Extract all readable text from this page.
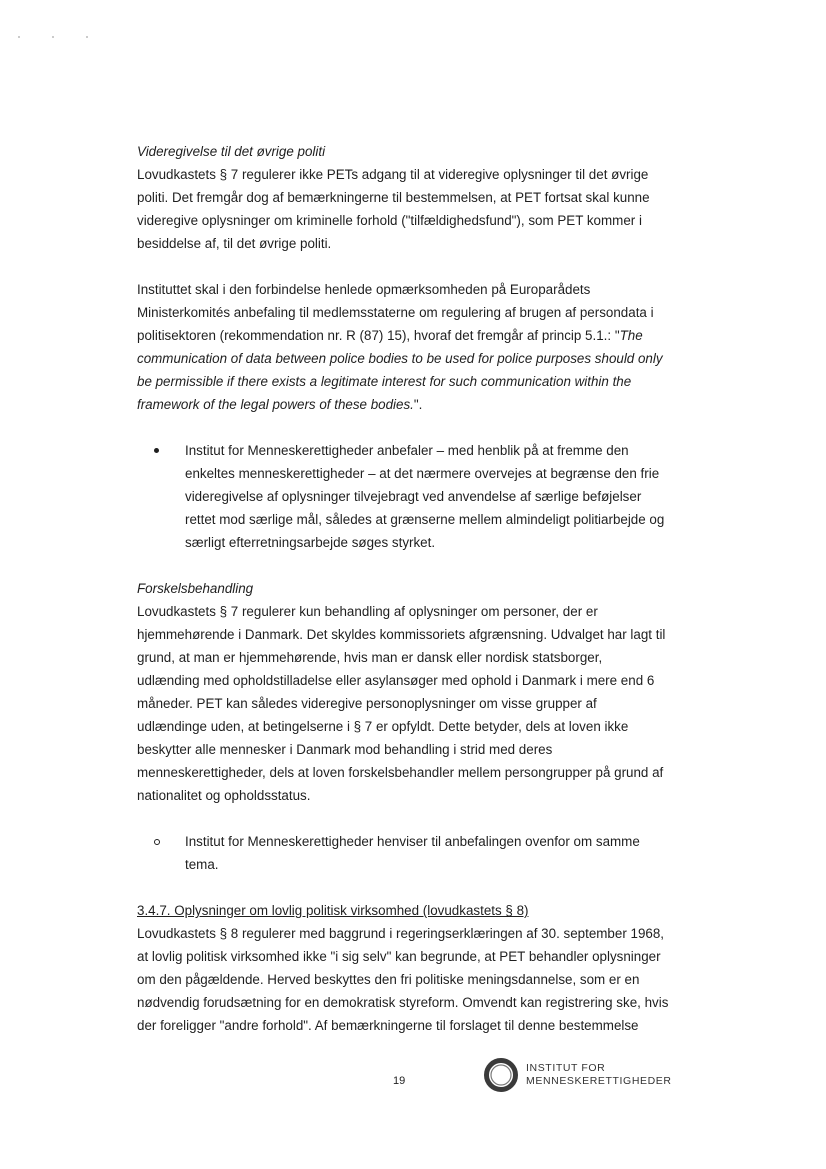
Videregivelse til det øvrige politi

Lovudkastets § 7 regulerer ikke PETs adgang til at videregive oplysninger til det øvrige

politi. Det fremgår dog af bemærkningerne til bestemmelsen, at PET fortsat skal kunne

videregive oplysninger om kriminelle forhold ("tilfældighedsfund"), som PET kommer i

besiddelse af, til det øvrige politi.

Instituttet skal i den forbindelse henlede opmærksomheden på Europarådets

Ministerkomités anbefaling til medlemsstaterne om regulering af brugen af persondata i

politisektoren (rekommendation nr. R (87) 15), hvoraf det fremgår af princip 5.1.: "The

communication of data between police bodies to be used for police purposes should only

be permissible if there exists a legitimate interest for such communication within the

framework of the legal powers of these bodies.".

Institut for Menneskerettigheder anbefaler – med henblik på at fremme den

enkeltes menneskerettigheder – at det nærmere overvejes at begrænse den frie

videregivelse af oplysninger tilvejebragt ved anvendelse af særlige beføjelser

rettet mod særlige mål, således at grænserne mellem almindeligt politiarbejde og

særligt efterretningsarbejde søges styrket.

Forskelsbehandling

Lovudkastets § 7 regulerer kun behandling af oplysninger om personer, der er

hjemmehørende i Danmark. Det skyldes kommissoriets afgrænsning. Udvalget har lagt til

grund, at man er hjemmehørende, hvis man er dansk eller nordisk statsborger,

udlænding med opholdstilladelse eller asylansøger med ophold i Danmark i mere end 6

måneder. PET kan således videregive personoplysninger om visse grupper af

udlændinge uden, at betingelserne i § 7 er opfyldt. Dette betyder, dels at loven ikke

beskytter alle mennesker i Danmark mod behandling i strid med deres

menneskerettigheder, dels at loven forskelsbehandler mellem persongrupper på grund af

nationalitet og opholdsstatus.

Institut for Menneskerettigheder henviser til anbefalingen ovenfor om samme

tema.

3.4.7. Oplysninger om lovlig politisk virksomhed (lovudkastets § 8)

Lovudkastets § 8 regulerer med baggrund i regeringserklæringen af 30. september 1968,

at lovlig politisk virksomhed ikke "i sig selv" kan begrunde, at PET behandler oplysninger

om den pågældende. Herved beskyttes den fri politiske meningsdannelse, som er en

nødvendig forudsætning for en demokratisk styreform. Omvendt kan registrering ske, hvis

der foreligger "andre forhold". Af bemærkningerne til forslaget til denne bestemmelse

19
INSTITUT FOR
MENNESKERETTIGHEDER
